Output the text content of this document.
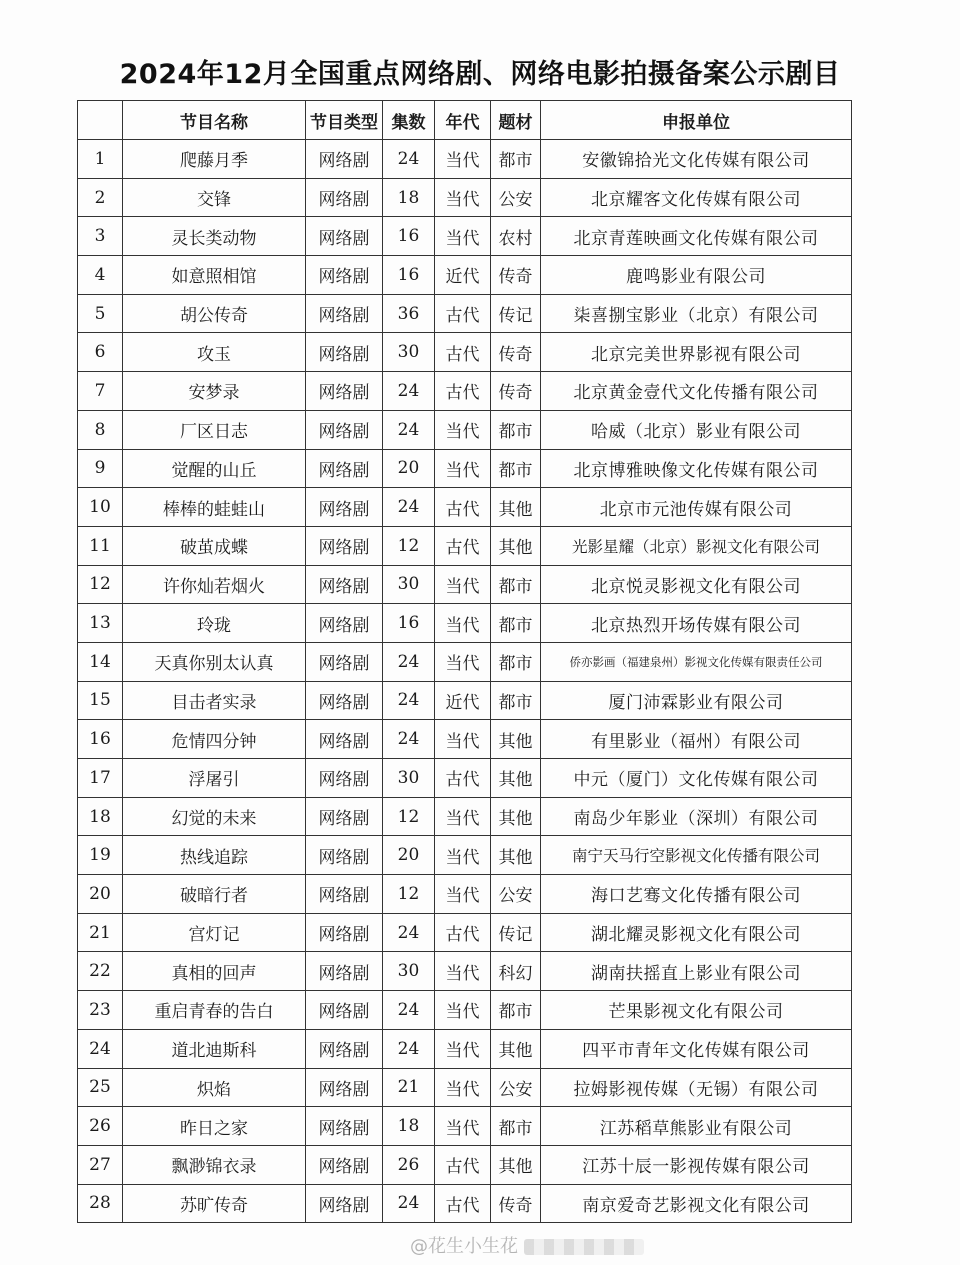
2024年12月全国重点网络剧、网络电影拍摄备案公示剧目
	节目名称	节目类型	集数	年代	题材	申报单位
1	爬藤月季	网络剧	24	当代	都市	安徽锦拾光文化传媒有限公司
2	交锋	网络剧	18	当代	公安	北京耀客文化传媒有限公司
3	灵长类动物	网络剧	16	当代	农村	北京青莲映画文化传媒有限公司
4	如意照相馆	网络剧	16	近代	传奇	鹿鸣影业有限公司
5	胡公传奇	网络剧	36	古代	传记	柒喜捌宝影业（北京）有限公司
6	攻玉	网络剧	30	古代	传奇	北京完美世界影视有限公司
7	安梦录	网络剧	24	古代	传奇	北京黄金壹代文化传播有限公司
8	厂区日志	网络剧	24	当代	都市	哈威（北京）影业有限公司
9	觉醒的山丘	网络剧	20	当代	都市	北京博雅映像文化传媒有限公司
10	棒棒的蛙蛙山	网络剧	24	古代	其他	北京市元池传媒有限公司
11	破茧成蝶	网络剧	12	古代	其他	光影星耀（北京）影视文化有限公司
12	许你灿若烟火	网络剧	30	当代	都市	北京悦灵影视文化有限公司
13	玲珑	网络剧	16	当代	都市	北京热烈开场传媒有限公司
14	天真你别太认真	网络剧	24	当代	都市	侨亦影画（福建泉州）影视文化传媒有限责任公司
15	目击者实录	网络剧	24	近代	都市	厦门沛霖影业有限公司
16	危情四分钟	网络剧	24	当代	其他	有里影业（福州）有限公司
17	浮屠引	网络剧	30	古代	其他	中元（厦门）文化传媒有限公司
18	幻觉的未来	网络剧	12	当代	其他	南岛少年影业（深圳）有限公司
19	热线追踪	网络剧	20	当代	其他	南宁天马行空影视文化传播有限公司
20	破暗行者	网络剧	12	当代	公安	海口艺骞文化传播有限公司
21	宫灯记	网络剧	24	古代	传记	湖北耀灵影视文化有限公司
22	真相的回声	网络剧	30	当代	科幻	湖南扶摇直上影业有限公司
23	重启青春的告白	网络剧	24	当代	都市	芒果影视文化有限公司
24	道北迪斯科	网络剧	24	当代	其他	四平市青年文化传媒有限公司
25	炽焰	网络剧	21	当代	公安	拉姆影视传媒（无锡）有限公司
26	昨日之家	网络剧	18	当代	都市	江苏稻草熊影业有限公司
27	飘渺锦衣录	网络剧	26	古代	其他	江苏十辰一影视传媒有限公司
28	苏旷传奇	网络剧	24	古代	传奇	南京爱奇艺影视文化有限公司
@花生小生花
